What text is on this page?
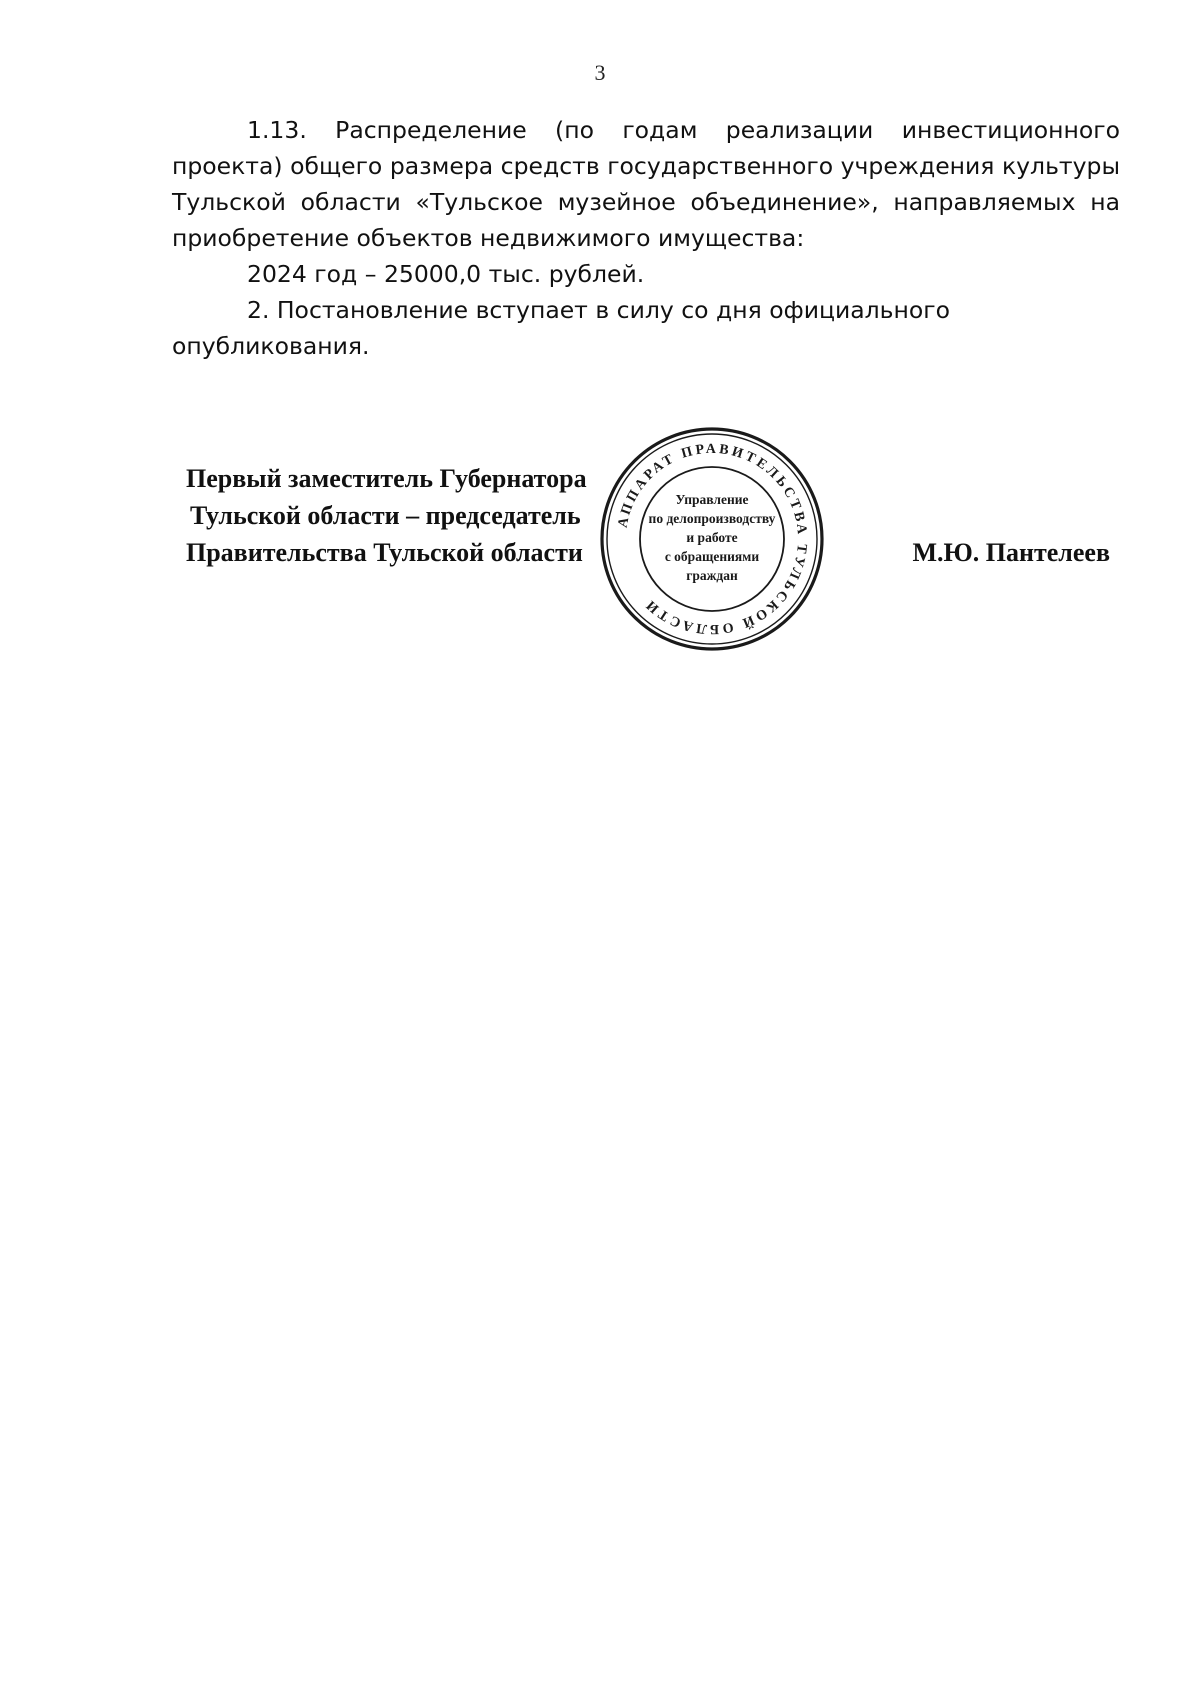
3

1.13. Распределение (по годам реализации инвестиционного проекта) общего размера средств государственного учреждения культуры Тульской области «Тульское музейное объединение», направляемых на приобретение объектов недвижимого имущества:

2024 год – 25000,0 тыс. рублей.

2. Постановление вступает в силу со дня официального опубликования.

Первый заместитель Губернатора
Тульской области – председатель
Правительства Тульской области	М.Ю. Пантелеев
АППАРАТ ПРАВИТЕЛЬСТВА ТУЛЬСКОЙ ОБЛАСТИ
Управление
по делопроизводству
и работе
с обращениями
граждан
